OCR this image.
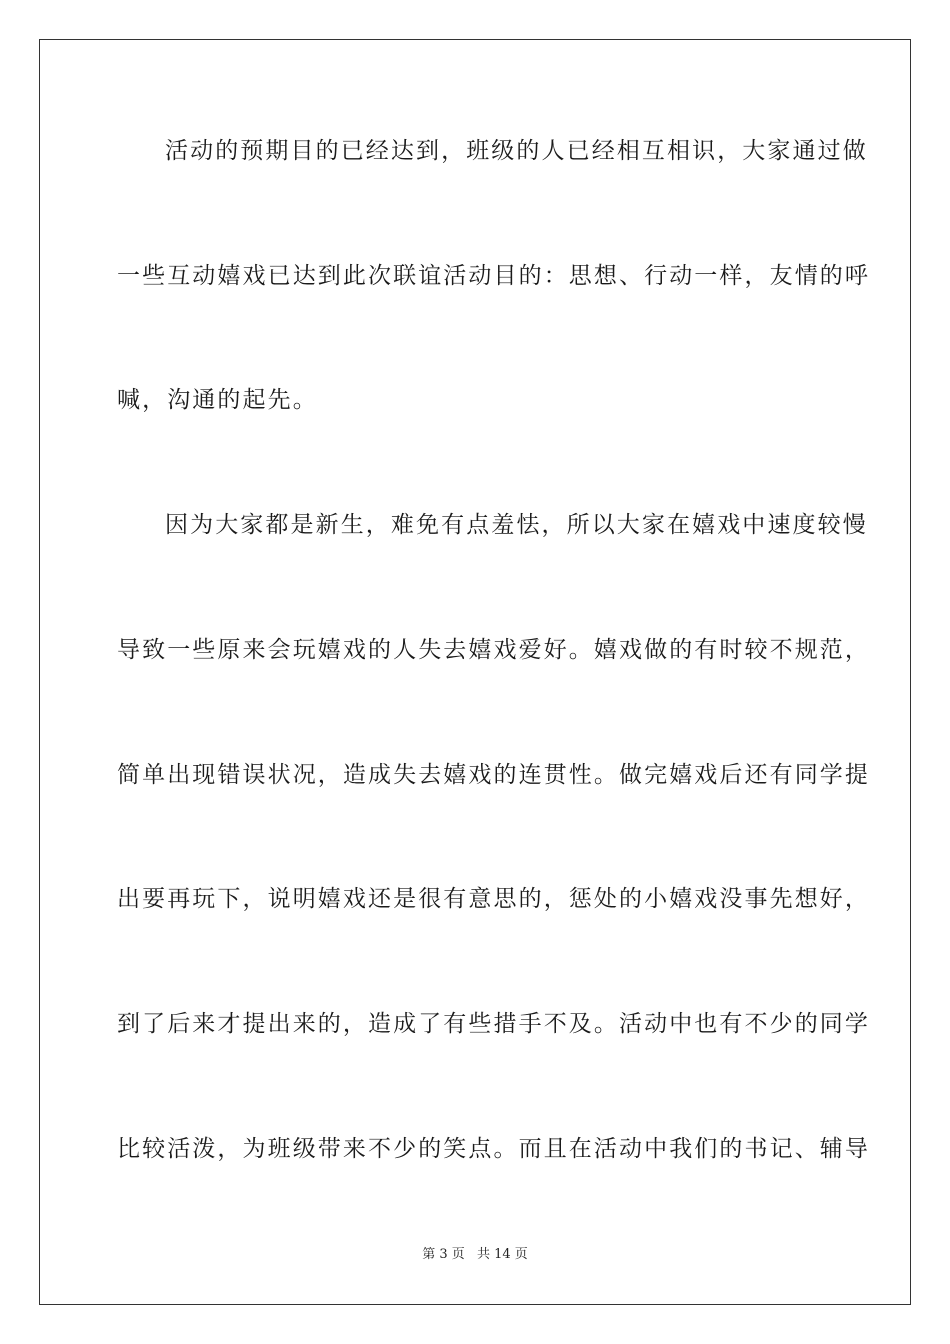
活动的预期目的已经达到，班级的人已经相互相识，大家通过做
一些互动嬉戏已达到此次联谊活动目的：思想、行动一样，友情的呼
喊，沟通的起先。
因为大家都是新生，难免有点羞怯，所以大家在嬉戏中速度较慢
导致一些原来会玩嬉戏的人失去嬉戏爱好。嬉戏做的有时较不规范，
简单出现错误状况，造成失去嬉戏的连贯性。做完嬉戏后还有同学提
出要再玩下，说明嬉戏还是很有意思的，惩处的小嬉戏没事先想好，
到了后来才提出来的，造成了有些措手不及。活动中也有不少的同学
比较活泼，为班级带来不少的笑点。而且在活动中我们的书记、辅导
第 3 页 共 14 页
